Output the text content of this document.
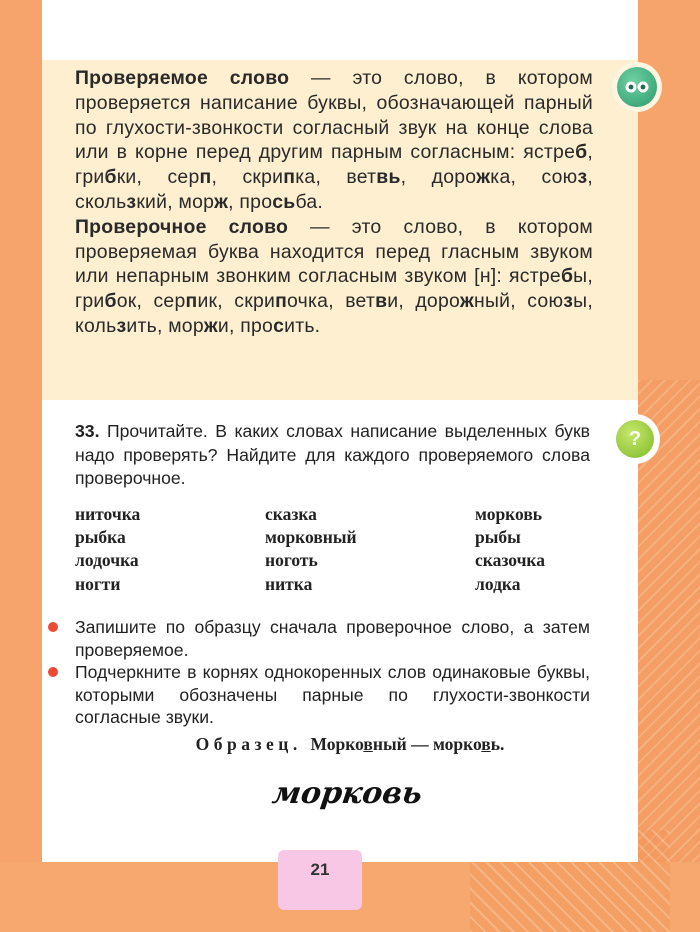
Проверяемое слово — это слово, в котором проверяется написание буквы, обозначающей парный по глухости-звонкости согласный звук на конце слова или в корне перед другим парным согласным: ястреб, грибки, серп, скрипка, ветвь, дорожка, союз, скользкий, морж, просьба.

Проверочное слово — это слово, в котором проверяемая буква находится перед гласным звуком или непарным звонким согласным звуком [н]: ястребы, грибок, серпик, скрипочка, ветви, дорожный, союзы, кользить, моржи, просить.

?
33. Прочитайте. В каких словах написание выделенных букв надо проверять? Найдите для каждого проверяемого слова проверочное.
ниточка	сказка	морковь
рыбка	морковный	рыбы
лодочка	ноготь	сказочка
ногти	нитка	лодка
Запишите по образцу сначала проверочное слово, а затем проверяемое.
Подчеркните в корнях однокоренных слов одинаковые буквы, которыми обозначены парные по глухости-звонкости согласные звуки.
Образец. Морковный — морковь.
морковь
21
